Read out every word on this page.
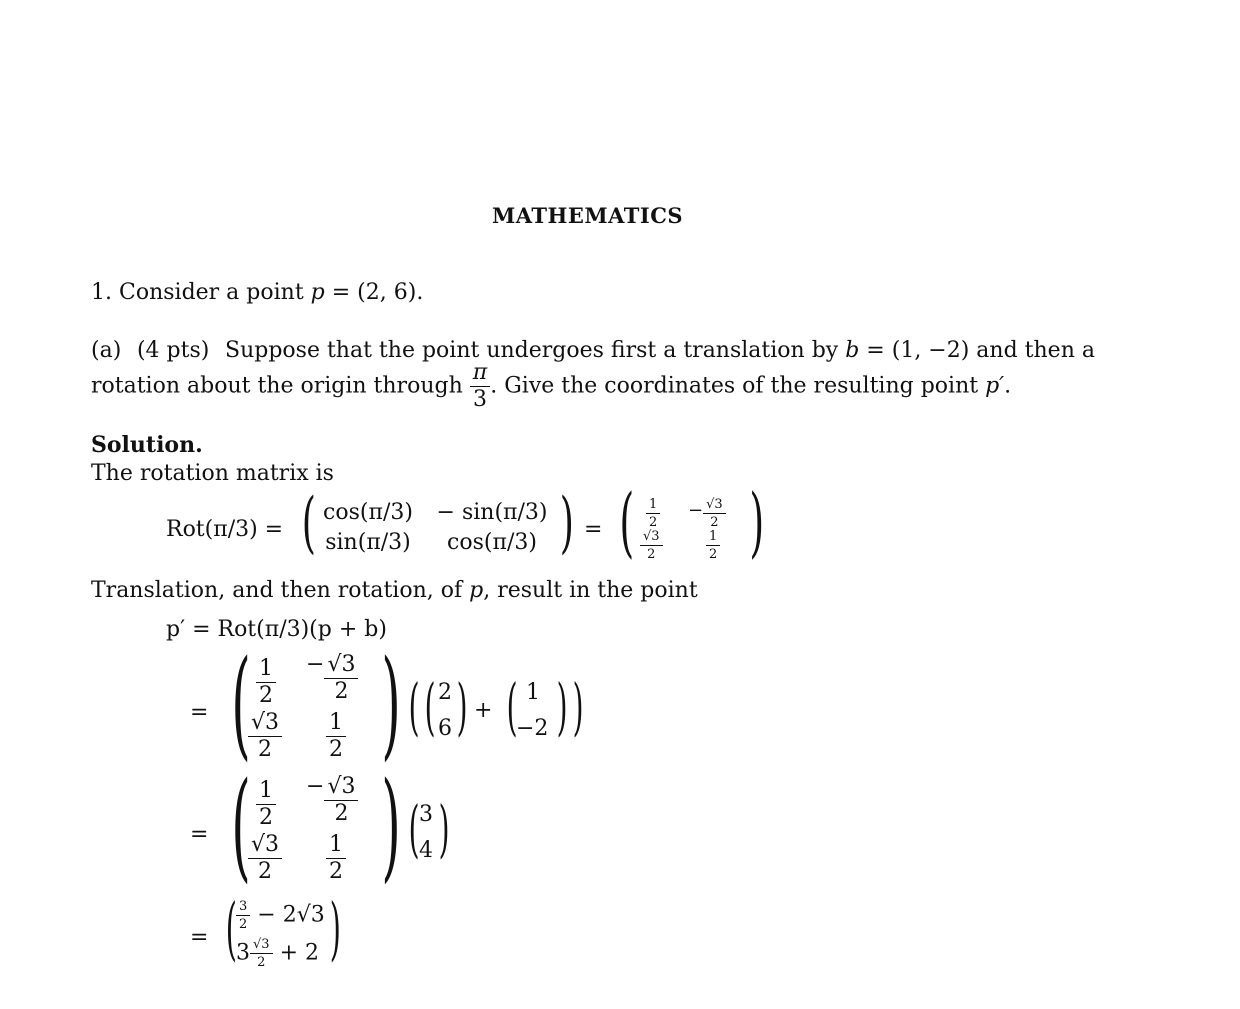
MATHEMATICS
1. Consider a point p = (2, 6).
(a) (4 pts) Suppose that the point undergoes first a translation by b = (1, −2) and then a
rotation about the origin through $\frac{\pi}{3}$ . Give the coordinates of the resulting point p′.
Solution.
The rotation matrix is
Rot(π/3) = ( cos(π/3) − sin(π/3)
sin(π/3)	cos(π/3) ) = ( $\frac{1}{2} - \frac{√3}{2}$
$\frac{√3}{2}$	$\frac{1}{2}$ )
Translation, and then rotation, of p, result in the point
p′ = Rot(π/3)(p + b)
= ( $\frac{1}{2} - \frac{√3}{2}$
$\frac{√3}{2} \frac{1}{2}$ ) ( ( 2
6 ) + ( 1
−2 ) )
= ( $\frac{1}{2} - \frac{√3}{2}$
$\frac{√3}{2} \frac{1}{2}$ ) ( 3
4 )
= ( $\frac{3}{2} - 2√3$
$3 \frac{√3}{2} + 2$ )
